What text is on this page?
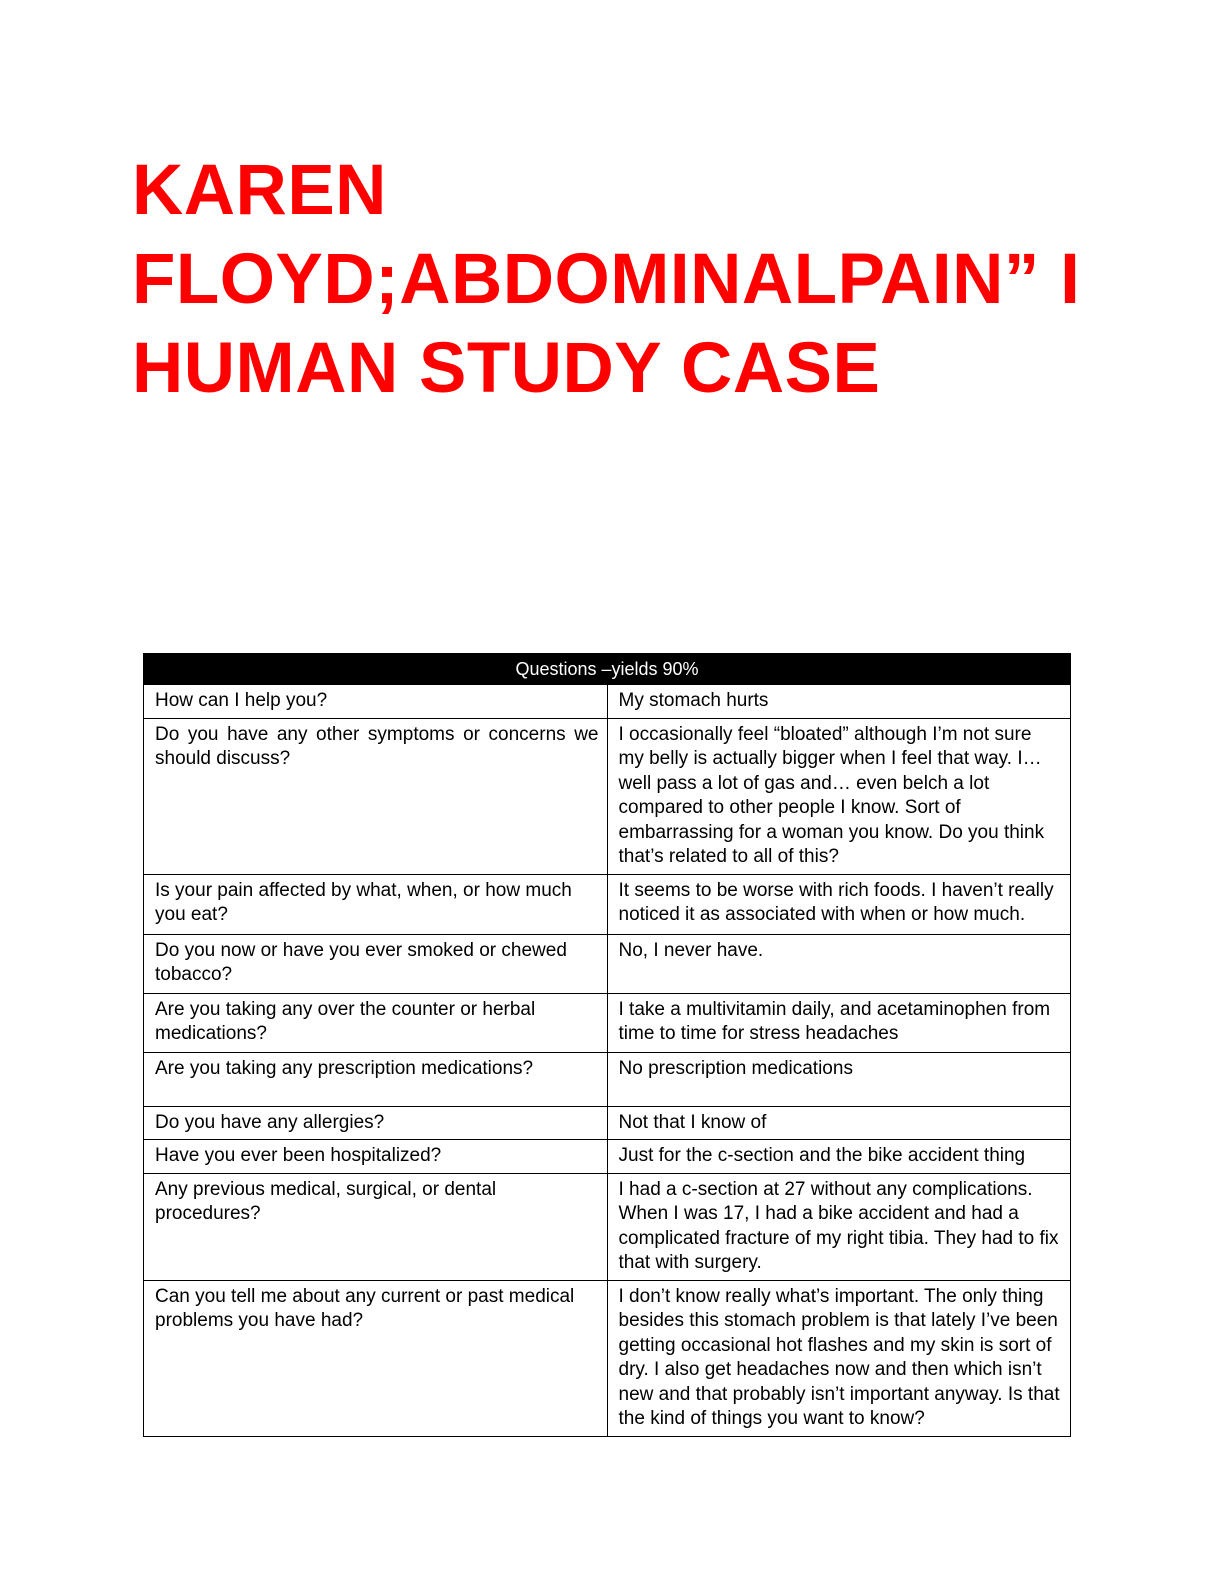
KAREN
FLOYD;ABDOMINALPAIN” I
HUMAN STUDY CASE
Questions –yields 90%	
How can I help you?	My stomach hurts
Do you have any other symptoms or concerns we should discuss?	I occasionally feel “bloated” although I’m not sure my belly is actually bigger when I feel that way. I…well pass a lot of gas and… even belch a lot compared to other people I know. Sort of embarrassing for a woman you know. Do you think that’s related to all of this?
Is your pain affected by what, when, or how much you eat?	It seems to be worse with rich foods. I haven’t really noticed it as associated with when or how much.
Do you now or have you ever smoked or chewed tobacco?	No, I never have.
Are you taking any over the counter or herbal medications?	I take a multivitamin daily, and acetaminophen from time to time for stress headaches
Are you taking any prescription medications?	No prescription medications
Do you have any allergies?	Not that I know of
Have you ever been hospitalized?	Just for the c-section and the bike accident thing
Any previous medical, surgical, or dental procedures?	I had a c-section at 27 without any complications. When I was 17, I had a bike accident and had a complicated fracture of my right tibia. They had to fix that with surgery.
Can you tell me about any current or past medical problems you have had?	I don’t know really what’s important. The only thing besides this stomach problem is that lately I’ve been getting occasional hot flashes and my skin is sort of dry. I also get headaches now and then which isn’t new and that probably isn’t important anyway. Is that the kind of things you want to know?
